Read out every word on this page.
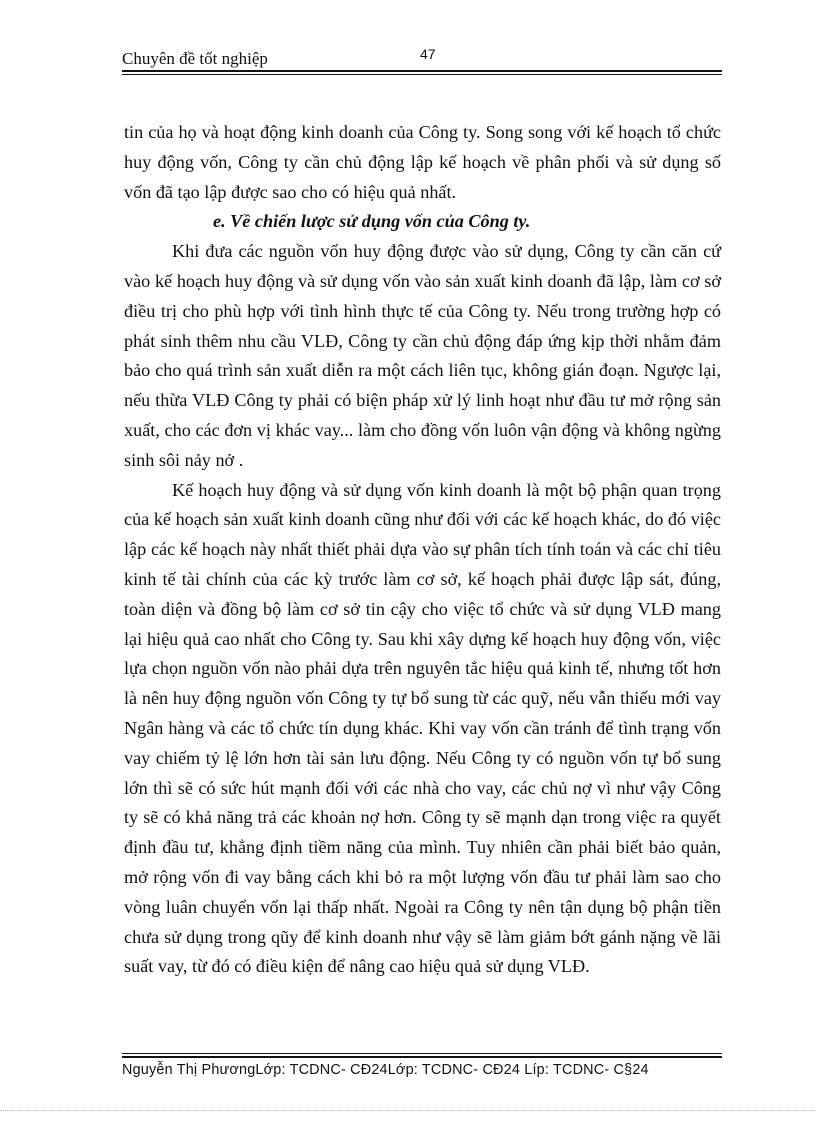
Chuyên đề tốt nghiệp	47

tin của họ và hoạt động kinh doanh của Công ty. Song song với kế hoạch tổ chức huy động vốn, Công ty cần chủ động lập kế hoạch về phân phối và sử dụng số vốn đã tạo lập được sao cho có hiệu quả nhất.

e. Về chiến lược sử dụng vốn của Công ty.

Khi đưa các nguồn vốn huy động được vào sử dụng, Công ty cần căn cứ vào kế hoạch huy động và sử dụng vốn vào sản xuất kinh doanh đã lập, làm cơ sở điều trị cho phù hợp với tình hình thực tế của Công ty. Nếu trong trường hợp có phát sinh thêm nhu cầu VLĐ, Công ty cần chủ động đáp ứng kịp thời nhằm đảm bảo cho quá trình sản xuất diễn ra một cách liên tục, không gián đoạn. Ngược lại, nếu thừa VLĐ Công ty phải có biện pháp xử lý linh hoạt như đầu tư mở rộng sản xuất, cho các đơn vị khác vay... làm cho đồng vốn luôn vận động và không ngừng sinh sôi nảy nở .

Kế hoạch huy động và sử dụng vốn kinh doanh là một bộ phận quan trọng của kế hoạch sản xuất kinh doanh cũng như đối với các kế hoạch khác, do đó việc lập các kế hoạch này nhất thiết phải dựa vào sự phân tích tính toán và các chỉ tiêu kinh tế tài chính của các kỳ trước làm cơ sở, kế hoạch phải được lập sát, đúng, toàn diện và đồng bộ làm cơ sở tin cậy cho việc tổ chức và sử dụng VLĐ mang lại hiệu quả cao nhất cho Công ty. Sau khi xây dựng kế hoạch huy động vốn, việc lựa chọn nguồn vốn nào phải dựa trên nguyên tắc hiệu quả kinh tế, nhưng tốt hơn là nên huy động nguồn vốn Công ty tự bổ sung từ các quỹ, nếu vẫn thiếu mới vay Ngân hàng và các tổ chức tín dụng khác. Khi vay vốn cần tránh để tình trạng vốn vay chiếm tỷ lệ lớn hơn tài sản lưu động. Nếu Công ty có nguồn vốn tự bổ sung lớn thì sẽ có sức hút mạnh đối với các nhà cho vay, các chủ nợ vì như vậy Công ty sẽ có khả năng trả các khoản nợ hơn. Công ty sẽ mạnh dạn trong việc ra quyết định đầu tư, khẳng định tiềm năng của mình. Tuy nhiên cần phải biết bảo quản, mở rộng vốn đi vay bằng cách khi bỏ ra một lượng vốn đầu tư phải làm sao cho vòng luân chuyển vốn lại thấp nhất. Ngoài ra Công ty nên tận dụng bộ phận tiền chưa sử dụng trong qũy để kinh doanh như vậy sẽ làm giảm bớt gánh nặng về lãi suất vay, từ đó có điều kiện để nâng cao hiệu quả sử dụng VLĐ.

Nguyễn Thị PhươngLớp: TCDNC- CĐ24Lớp: TCDNC- CĐ24 Líp: TCDNC- C§24
